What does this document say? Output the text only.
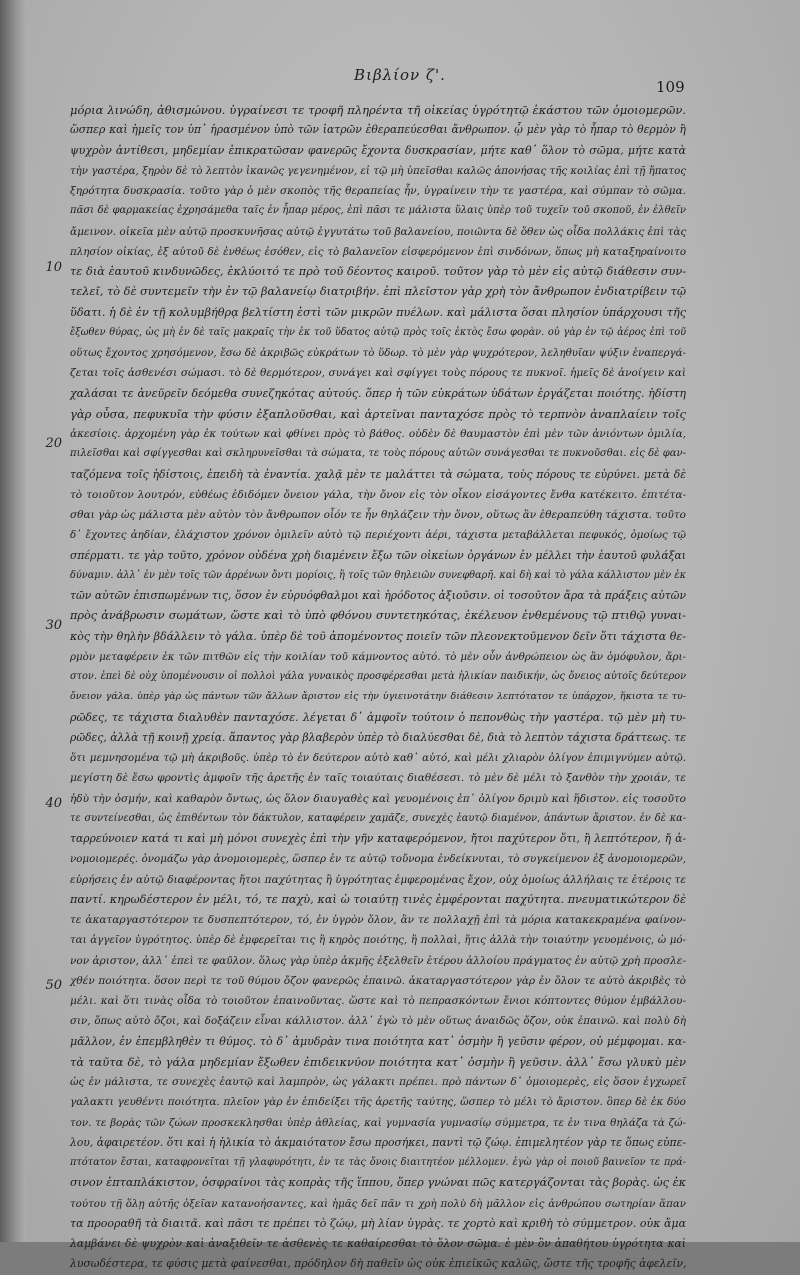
Βιβλίον ζ'.
109
10
20
30
40
50
μόρια λινώδη, ἀθισμώνου. ὑγραίνεσι τε τροφῆ πληρέντα τῆ οἰκείας ὑγρότητῷ ἑκάστου τῶν ὁμοιομερῶν.
ὥσπερ καὶ ἡμεῖς τον ὑπ᾽ ἡρασμένον ὑπὸ τῶν ἰατρῶν ἐθεραπεύεσθαι ἄνθρωπον. ᾧ μὲν γὰρ τὸ ἧπαρ τὸ θερμὸν ἢ
ψυχρὸν ἀντίθεσι, μηδεμίαν ἐπικρατῶσαν φανερῶς ἔχοντα δυσκρασίαν, μήτε καθ᾽ ὅλον τὸ σῶμα, μήτε κατὰ
τὴν γαστέρα, ξηρὸν δὲ τὸ λεπτὸν ἱκανῶς γεγενημένον, εἰ τῷ μὴ ὑπεῖσθαι καλῶς ἀπονήσας τῆς κοιλίας ἐπὶ τῇ ἥπατος
ξηρότητα δυσκρασία. τοῦτο γὰρ ὁ μὲν σκοπὸς τῆς θεραπείας ἦν, ὑγραίνειν τὴν τε γαστέρα, καὶ σύμπαν τὸ σῶμα.
πᾶσι δὲ φαρμακείας ἐχρησάμεθα ταῖς ἐν ἧπαρ μέρος, ἐπὶ πᾶσι τε μάλιστα ὕλαις ὑπὲρ τοῦ τυχεῖν τοῦ σκοποῦ, ἐν ἐλθεῖν
ἄμεινον. οἰκεῖα μὲν αὐτῷ προσκυνῆσας αὐτῷ ἐγγυτάτω τοῦ βαλανείου, ποιῶντα δὲ ὅθεν ὡς οἶδα πολλάκις ἐπὶ τὰς
πλησίον οἰκίας, ἐξ αὐτοῦ δὲ ἐνθέως ἐσόθεν, εἰς τὸ βαλανεῖον εἰσφερόμενον ἐπὶ σινδόνων, ὅπως μὴ καταξηραίνοιτο
τε διὰ ἑαυτοῦ κινδυνῶδες, ἐκλύοιτό τε πρὸ τοῦ δέοντος καιροῦ. τοῦτον γὰρ τὸ μὲν εἰς αὐτῷ διάθεσιν συν-
τελεῖ, τὸ δὲ συντεμεῖν τὴν ἐν τῷ βαλανείῳ διατριβήν. ἐπὶ πλεῖστον γὰρ χρὴ τὸν ἄνθρωπον ἐνδιατρίβειν τῷ
ὕδατι. ἡ δὲ ἐν τῇ κολυμβήθρᾳ βελτίστη ἐστὶ τῶν μικρῶν πυέλων. καὶ μάλιστα ὅσαι πλησίον ὑπάρχουσι τῆς
ἔξωθεν θύρας, ὡς μὴ ἐν δὲ ταῖς μακραῖς τὴν ἐκ τοῦ ὕδατος αὐτῷ πρὸς τοῖς ἐκτὸς ἔσω φορὰν. οὐ γὰρ ἐν τῷ ἀέρος ἐπὶ τοῦ
οὕτως ἔχοντος χρησόμενον, ἔσω δὲ ἀκριβῶς εὐκράτων τὸ ὕδωρ. τὸ μὲν γὰρ ψυχρότερον, λεληθυῖαν ψύξιν ἐναπεργά-
ζεται τοῖς ἀσθενέσι σώμασι. τὸ δὲ θερμότερον, συνάγει καὶ σφίγγει τοὺς πόρους τε πυκνοῖ. ἡμεῖς δὲ ἀνοίγειν καὶ
χαλάσαι τε ἀνεῦρεῖν δεόμεθα συνεζηκότας αὐτούς. ὅπερ ἡ τῶν εὐκράτων ὑδάτων ἐργάζεται ποιότης. ἡδίστη
γὰρ οὖσα, πεφυκυῖα τὴν φύσιν ἐξαπλοῦσθαι, καὶ ἀρτεῖναι πανταχόσε πρὸς τὸ τερπνὸν ἀναπλαίειν τοῖς
ἀκεσίοις. ἀρχομένη γὰρ ἐκ τούτων καὶ φθίνει πρὸς τὸ βάθος. οὐδὲν δὲ θαυμαστὸν ἐπὶ μὲν τῶν ἀνιόντων ὁμιλία,
πιλεῖσθαι καὶ σφίγγεσθαι καὶ σκληρυνεῖσθαι τὰ σώματα, τε τοὺς πόρους αὐτῶν συνάγεσθαι τε πυκνοῦσθαι. εἰς δὲ φαν-
ταζόμενα τοῖς ἡδίστοις, ἐπειδὴ τὰ ἐναντία. χαλᾷ μὲν τε μαλάττει τὰ σώματα, τοὺς πόρους τε εὐρύνει. μετὰ δὲ
τὸ τοιοῦτον λουτρόν, εὐθέως ἐδιδόμεν ὄνειον γάλα, τὴν ὄνον εἰς τὸν οἶκον εἰσάγοντες ἔνθα κατέκειτο. ἐπιτέτα-
σθαι γὰρ ὡς μάλιστα μὲν αὐτὸν τὸν ἄνθρωπον οἷόν τε ἦν θηλάζειν τὴν ὄνον, οὕτως ἂν ἐθεραπεύθη τάχιστα. τοῦτο
δ᾽ ἔχοντες ἀηδίαν, ἐλάχιστον χρόνον ὁμιλεῖν αὐτὸ τῷ περιέχοντι ἀέρι, τάχιστα μεταβάλλεται πεφυκός, ὁμοίως τῷ
σπέρματι. τε γὰρ τοῦτο, χρόνον οὐδένα χρὴ διαμένειν ἔξω τῶν οἰκείων ὀργάνων ἐν μέλλει τὴν ἑαυτοῦ φυλάξαι
δύναμιν. ἀλλ᾽ ἐν μὲν τοῖς τῶν ἀρρένων ὄντι μορίοις, ἢ τοῖς τῶν θηλειῶν συνεφθαρῆ. καὶ δὴ καὶ τὸ γάλα κάλλιστον μὲν ἐκ
τῶν αὐτῶν ἐπισπωμένων τις, ὅσον ἐν εὐρυόφθαλμοι καὶ ἡρόδοτος ἀξιοῦσιν. οἱ τοσοῦτον ἄρα τὰ πράξεις αὐτῶν
πρὸς ἀνάβρωσιν σωμάτων, ὥστε καὶ τὸ ὑπὸ φθόνου συντετηκότας, ἐκέλευον ἐνθεμένους τῷ πτιθῷ γυναι-
κὸς τὴν θηλὴν βδάλλειν τὸ γάλα. ὑπὲρ δὲ τοῦ ἀπομένοντος ποιεῖν τῶν πλεονεκτοῦμενον δεῖν ὅτι τάχιστα θε-
ρμὸν μεταφέρειν ἐκ τῶν πιτθῶν εἰς τὴν κοιλίαν τοῦ κάμνοντος αὐτό. τὸ μὲν οὖν ἀνθρώπειον ὡς ἂν ὁμόφυλον, ἄρι-
στον. ἐπεὶ δὲ οὐχ ὑπομένουσιν οἱ πολλοὶ γάλα γυναικὸς προσφέρεσθαι μετὰ ἡλικίαν παιδικήν, ὡς ὄνειος αὐτοῖς δεύτερον
ὄνειον γάλα. ὑπὲρ γὰρ ὡς πάντων τῶν ἄλλων ἄριστον εἰς τὴν ὑγιεινοτάτην διάθεσιν λεπτότατον τε ὑπάρχον, ἥκιστα τε τυ-
ρῶδες, τε τάχιστα διαλυθὲν πανταχόσε. λέγεται δ᾽ ἀμφοῖν τούτοιν ὁ πεπονθὼς τὴν γαστέρα. τῷ μὲν μὴ τυ-
ρῶδες, ἀλλὰ τῇ κοινῇ χρείᾳ. ἅπαντος γὰρ βλαβερὸν ὑπὲρ τὸ διαλύεσθαι δὲ, διὰ τὸ λεπτὸν τάχιστα δράττεως. τε
ὅτι μεμνησομένα τῷ μὴ ἀκριβοῦς. ὑπὲρ τὸ ἐν δεύτερον αὐτὸ καθ᾽ αὐτό, καὶ μέλι χλιαρὸν ὀλίγον ἐπιμιγνύμεν αὐτῷ.
μεγίστη δὲ ἔσω φροντὶς ἀμφοῖν τῆς ἀρετῆς ἐν ταῖς τοιαύταις διαθέσεσι. τὸ μὲν δὲ μέλι τὸ ξανθὸν τὴν χροιάν, τε
ἡδὺ τὴν ὀσμήν, καὶ καθαρὸν ὄντως, ὡς ὅλον διαυγαθὲς καὶ γευομένοις ἐπ᾽ ὀλίγον δριμὺ καὶ ἥδιστον. εἰς τοσοῦτο
τε συντείνεσθαι, ὡς ἐπιθέντων τὸν δάκτυλον, καταφέρειν χαμᾶζε, συνεχὲς ἑαυτῷ διαμένον, ἁπάντων ἄριστον. ἐν δὲ κα-
ταρρεύνοιεν κατά τι καὶ μὴ μόνοι συνεχὲς ἐπὶ τὴν γῆν καταφερόμενον, ἤτοι παχύτερον ὅτι, ἢ λεπτότερον, ἤ ἀ-
νομοιομερές. ὀνομάζω γὰρ ἀνομοιομερὲς, ὥσπερ ἐν τε αὐτῷ τοὔνομα ἐνδείκνυται, τὸ συγκείμενον ἐξ ἀνομοιομερῶν,
εὑρήσεις ἐν αὐτῷ διαφέροντας ἤτοι παχύτητας ἢ ὑγρότητας ἐμφερομένας ἔχον, οὐχ ὁμοίως ἀλλήλαις τε ἑτέροις τε
παντί. κηρωδέστερον ἐν μέλι, τό, τε παχὺ, καὶ ὡ τοιαύτῃ τινὲς ἐμφέρονται παχύτητα. πνευματικώτερον δὲ
τε ἀκαταργαστότερον τε δυσπεπτότερον, τό, ἐν ὑγρὸν ὅλον, ἂν τε πολλαχῇ ἐπὶ τὰ μόρια κατακεκραμένα φαίνον-
ται ἀγγεῖον ὑγρότητος. ὑπὲρ δὲ ἐμφερεῖται τις ἢ κηρὸς ποιότης, ἢ πολλαὶ, ἥτις ἀλλὰ τὴν τοιαύτην γευομένοις, ὡ μό-
νον ἀριστον, ἀλλ᾽ ἐπεὶ τε φαῦλον. ὅλως γὰρ ὑπὲρ ἀκμῆς ἐξελθεῖν ἑτέρου ἀλλοίου πράγματος ἐν αὐτῷ χρὴ προσλε-
χθέν ποιότητα. ὅσον περὶ τε τοῦ θύμου ὄζον φανερῶς ἐπαινῶ. ἀκαταργαστότερον γὰρ ἐν ὅλον τε αὐτὸ ἀκριβὲς τὸ
μέλι. καὶ ὅτι τινὰς οἶδα τὸ τοιοῦτον ἐπαινοῦντας. ὥστε καὶ τὸ πεπρασκόντων ἔνιοι κόπτοντες θύμον ἐμβάλλου-
σιν, ὅπως αὐτὸ ὄζοι, καὶ δοξάζειν εἶναι κάλλιστον. ἀλλ᾽ ἐγὼ τὸ μὲν οὕτως ἀναιδῶς ὄζον, οὐκ ἐπαινῶ. καὶ πολὺ δὴ
μᾶλλον, ἐν ἐπεμβληθὲν τι θύμος. τὸ δ᾽ ἀμυδρὰν τινα ποιότητα κατ᾽ ὀσμὴν ἢ γεῦσιν φέρον, οὐ μέμφομαι. κα-
τὰ ταῦτα δὲ, τὸ γάλα μηδεμίαν ἔξωθεν ἐπιδεικνύον ποιότητα κατ᾽ ὀσμὴν ἢ γεῦσιν. ἀλλ᾽ ἔσω γλυκὺ μὲν
ὡς ἐν μάλιστα, τε συνεχὲς ἑαυτῷ καὶ λαμπρὸν, ὡς γάλακτι πρέπει. πρὸ πάντων δ᾽ ὁμοιομερὲς, εἰς ὅσον ἐγχωρεῖ
γαλακτι γευθέντι ποιότητα. πλεῖον γὰρ ἐν ἐπιδείξει τῆς ἀρετῆς ταύτης, ὥσπερ τὸ μέλι τὸ ἄριστον. ὃπερ δὲ ἐκ δύο
τον. τε βορὰς τῶν ζώων προσκεκλησθαι ὑπὲρ ἀθλείας, καὶ γυμνασία γυμνασίῳ σύμμετρα, τε ἐν τινα θηλάζα τὰ ζώ-
λου, ἀφαιρετέον. ὅτι καὶ ἡ ἡλικία τὸ ἀκμαιότατον ἔσω προσήκει, παντὶ τῷ ζώῳ. ἐπιμελητέον γὰρ τε ὅπως εὐπε-
πτότατον ἔσται, καταφρονεῖται τῇ γλαφυρότητι, ἐν τε τὰς ὄνοις διαιτητέον μέλλομεν. ἐγὼ γὰρ οἱ ποιοῦ βαινεῖον τε πρά-
σινον ἐπταπλάκιστον, ὀσφραίνοι τὰς κοπρὰς τῆς ἵππου, ὅπερ γνώναι πῶς κατεργάζονται τὰς βορὰς. ὡς ἐκ
τούτου τῇ ὅλῃ αὐτῆς ὀξεῖαν κατανοήσαντες, καὶ ἡμᾶς δεῖ πᾶν τι χρὴ πολὺ δὴ μᾶλλον εἰς ἀνθρώπου σωτηρίαν ἅπαν
τα προοραθῆ τὰ διαιτᾶ. καὶ πᾶσι τε πρέπει τὸ ζώῳ, μὴ λίαν ὑγρὰς. τε χορτὸ καὶ κριθὴ τὸ σύμμετρον. οὐκ ἄμα
λαμβάνει δὲ ψυχρὸν καὶ ἀναξιθεῖν τε ἀσθενὲς τε καθαίρεσθαι τὸ ὅλον σῶμα. ἐ μὲν ὂν ἀπαθήτου ὑγρότητα καὶ
λυσωδέστερα, τε φύσις μετὰ φαίνεσθαι, πρόδηλον δὴ παθεῖν ὡς οὐκ ἐπιεῖκῶς καλῶς, ὥστε τῆς τροφῆς ἀφελεῖν,
